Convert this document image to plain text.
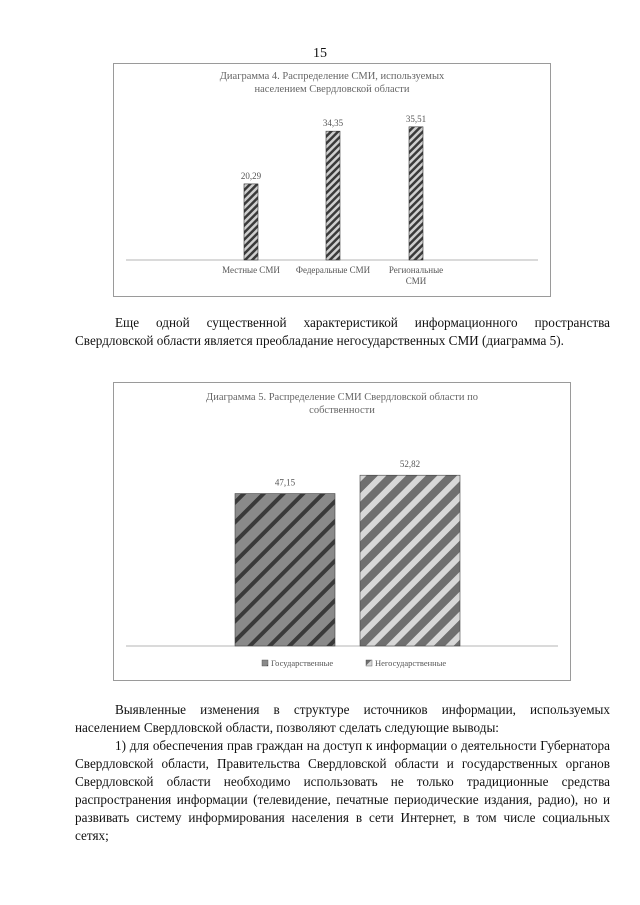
15
Диаграмма 4. Распределение СМИ, используемых
населением Свердловской области
20,29
Местные СМИ
34,35
Федеральные СМИ
35,51
Региональные
СМИ
Еще одной существенной характеристикой информационного пространства Свердловской области является преобладание негосударственных СМИ (диаграмма 5).
Диаграмма 5. Распределение СМИ Свердловской области по
собственности
47,15
52,82
Государственные	Негосударственные
Выявленные изменения в структуре источников информации, используемых населением Свердловской области, позволяют сделать следующие выводы:
1) для обеспечения прав граждан на доступ к информации о деятельности Губернатора Свердловской области, Правительства Свердловской области и государственных органов Свердловской области необходимо использовать не только традиционные средства распространения информации (телевидение, печатные периодические издания, радио), но и развивать систему информирования населения в сети Интернет, в том числе социальных сетях;
